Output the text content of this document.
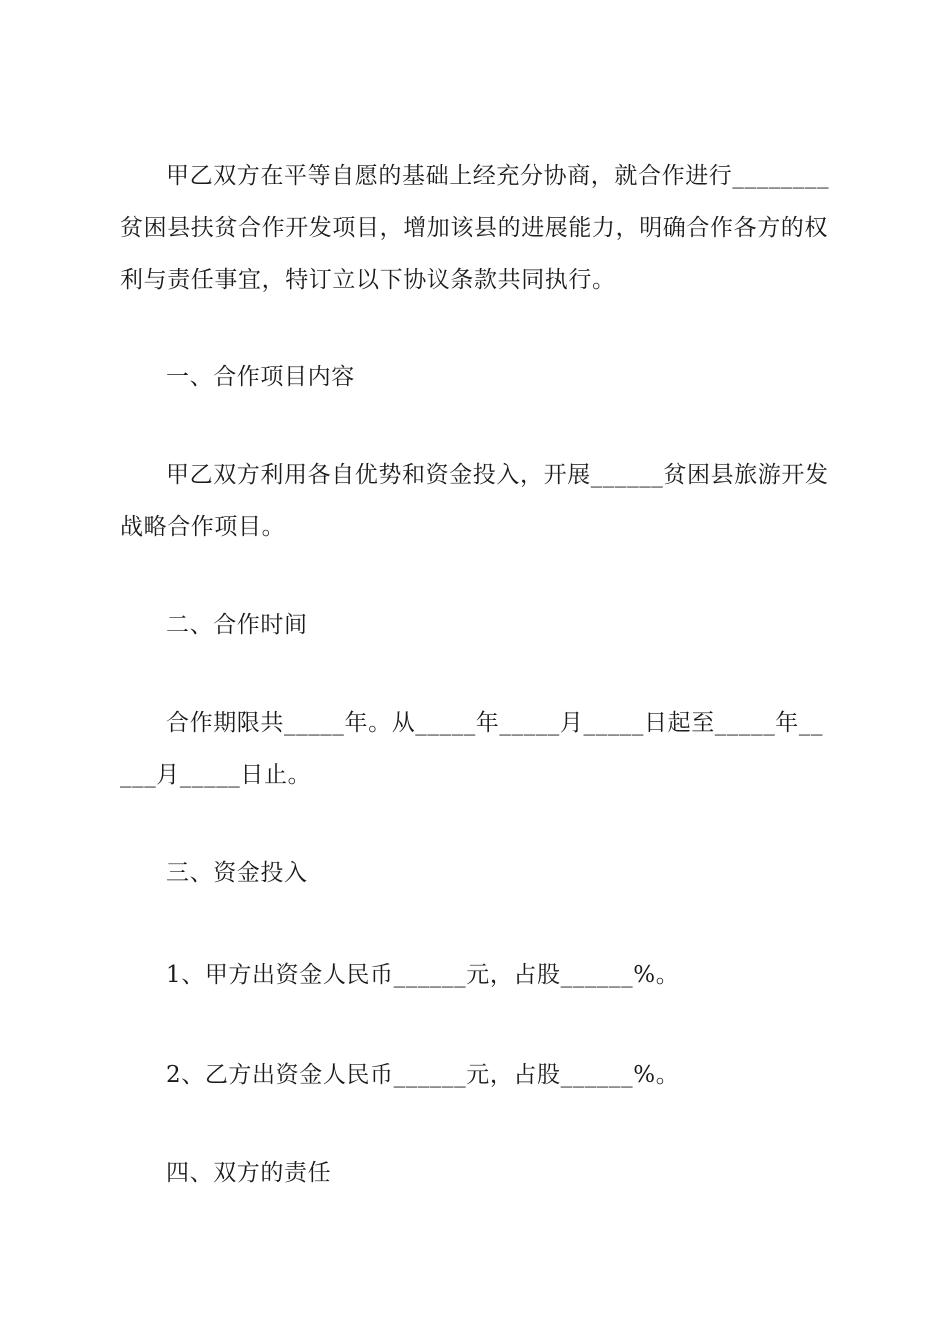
甲乙双方在平等自愿的基础上经充分协商，就合作进行________贫困县扶贫合作开发项目，增加该县的进展能力，明确合作各方的权利与责任事宜，特订立以下协议条款共同执行。

一、合作项目内容

甲乙双方利用各自优势和资金投入，开展______贫困县旅游开发战略合作项目。

二、合作时间

合作期限共_____年。从_____年_____月_____日起至_____年_____月_____日止。

三、资金投入

1、甲方出资金人民币______元，占股______%。

2、乙方出资金人民币______元，占股______%。

四、双方的责任
